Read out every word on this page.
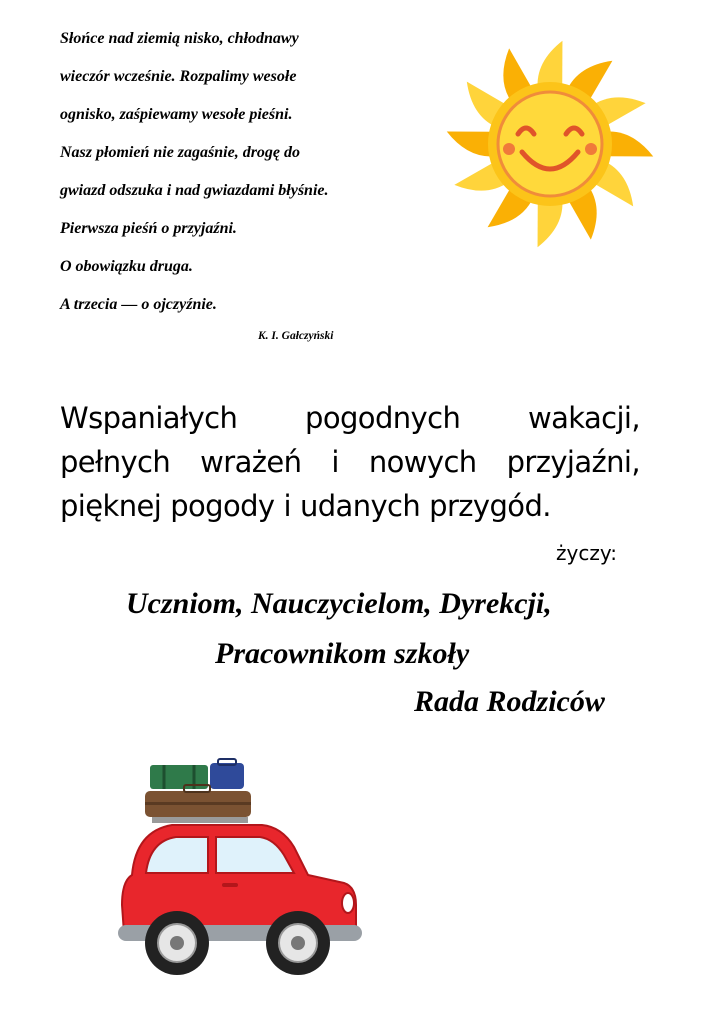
Słońce nad ziemią nisko, chłodnawy
wieczór wcześnie. Rozpalimy wesołe
ognisko, zaśpiewamy wesołe pieśni.
Nasz płomień nie zagaśnie, drogę do
gwiazd odszuka i nad gwiazdami błyśnie.
Pierwsza pieśń o przyjaźni.
O obowiązku druga.
A trzecia — o ojczyźnie.
K. I. Gałczyński
Wspaniałych pogodnych wakacji,
pełnych wrażeń i nowych przyjaźni,
pięknej pogody i udanych przygód.
życzy:
Uczniom, Nauczycielom, Dyrekcji,
Pracownikom szkoły
Rada Rodziców
